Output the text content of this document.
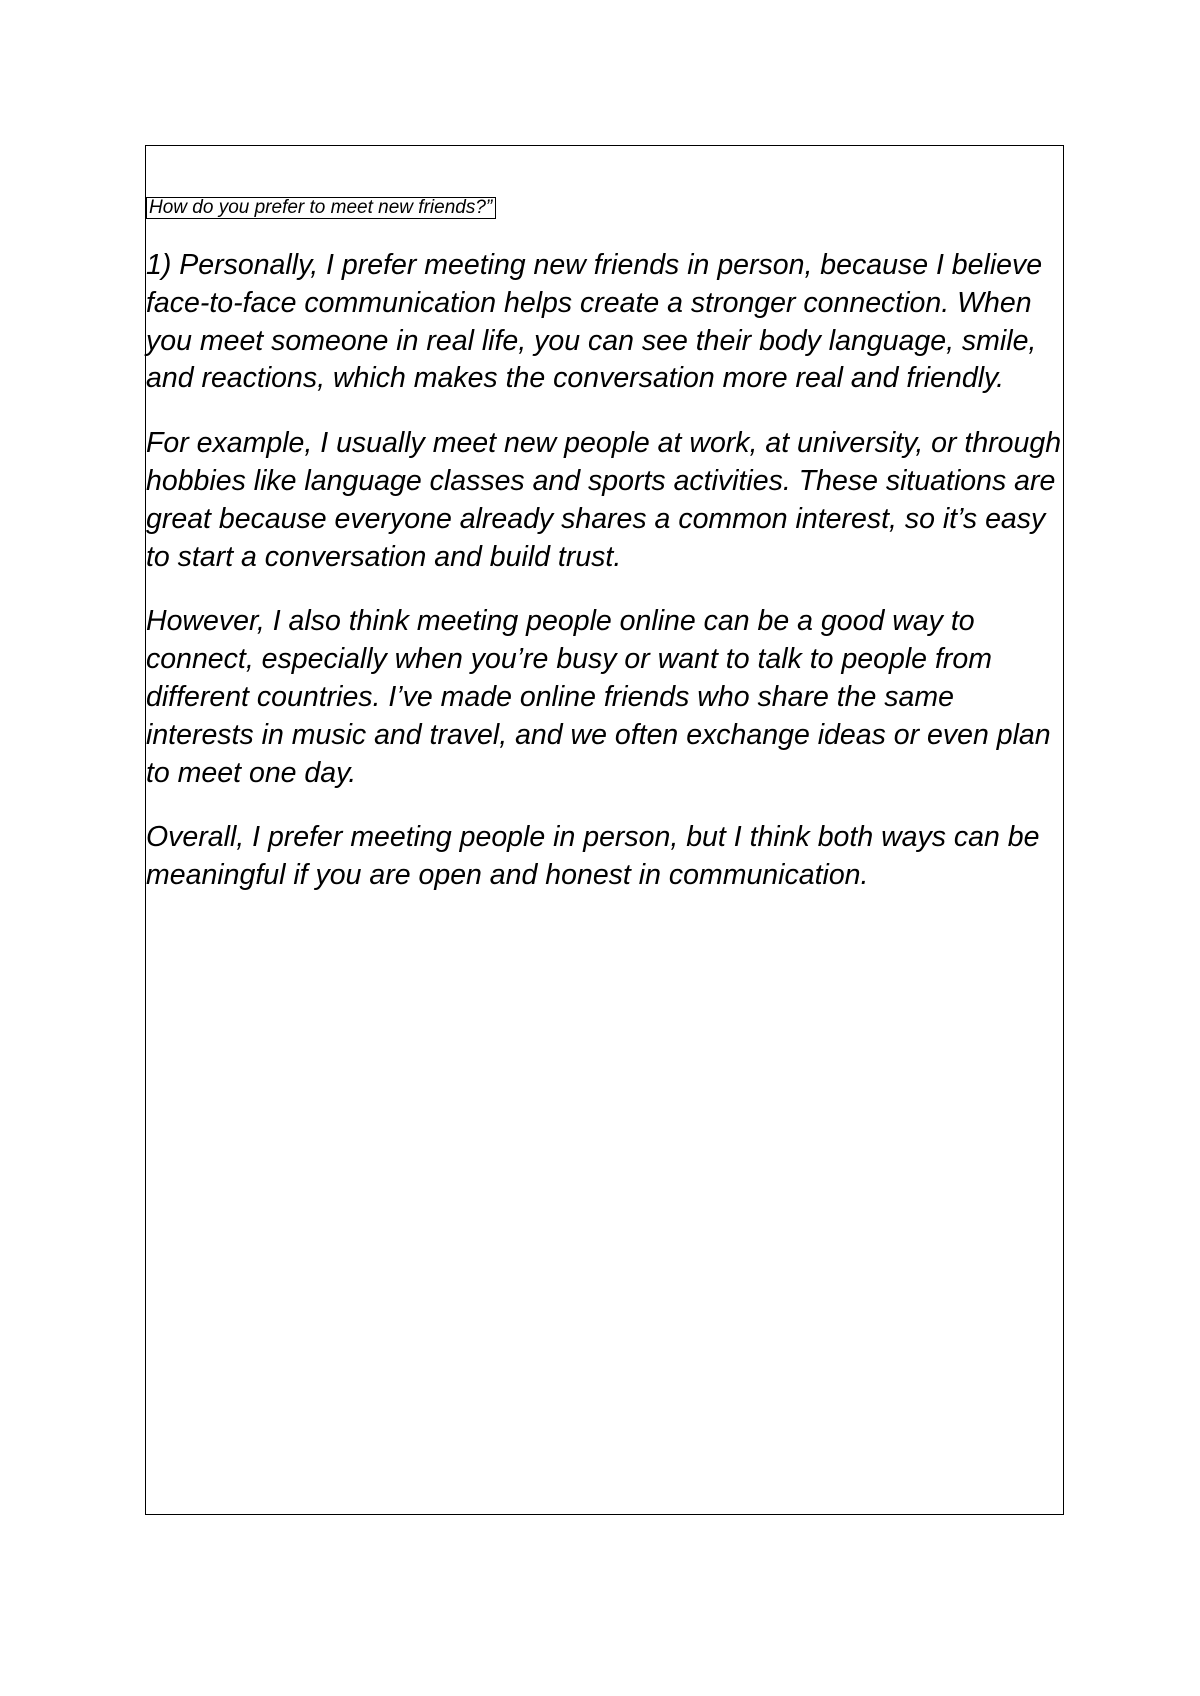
How do you prefer to meet new friends?”

1) Personally, I prefer meeting new friends in person, because I believe face-to-face communication helps create a stronger connection. When you meet someone in real life, you can see their body language, smile, and reactions, which makes the conversation more real and friendly.

For example, I usually meet new people at work, at university, or through hobbies like language classes and sports activities. These situations are great because everyone already shares a common interest, so it’s easy to start a conversation and build trust.

However, I also think meeting people online can be a good way to connect, especially when you’re busy or want to talk to people from different countries. I’ve made online friends who share the same interests in music and travel, and we often exchange ideas or even plan to meet one day.

Overall, I prefer meeting people in person, but I think both ways can be meaningful if you are open and honest in communication.
